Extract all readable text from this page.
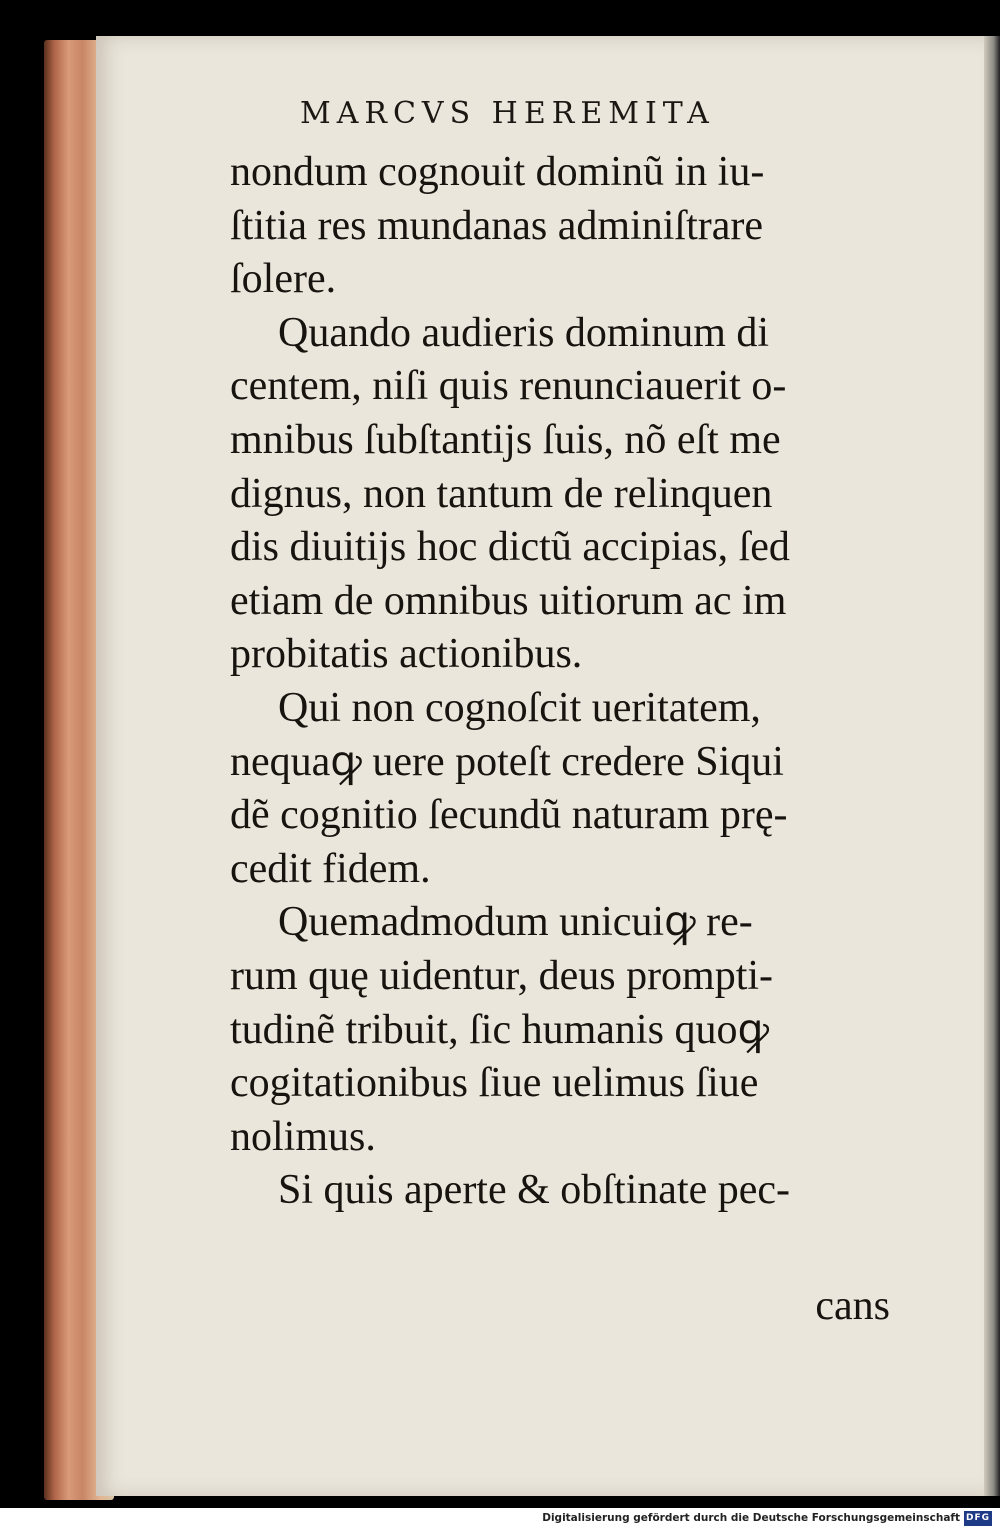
MARCVS HEREMITA
nondum cognouit dominũ in iu‑
ſtitia res mundanas adminiſtrare
ſolere.
Quando audieris dominum di
centem, niſi quis renunciauerit o‑
mnibus ſubſtantijs ſuis, nõ eſt me
dignus, non tantum de relinquen
dis diuitijs hoc dictũ accipias, ſed
etiam de omnibus uitiorum ac im
probitatis actionibus.
Qui non cognoſcit ueritatem,
nequaꝙ uere poteſt credere Siqui
dẽ cognitio ſecundũ naturam prę‑
cedit fidem.
Quemadmodum unicuiꝙ re‑
rum quę uidentur, deus prompti‑
tudinẽ tribuit, ſic humanis quoꝙ
cogitationibus ſiue uelimus ſiue
nolimus.
Si quis aperte & obſtinate pec‑
cans
Digitalisierung gefördert durch die Deutsche Forschungsgemeinschaft DFG
